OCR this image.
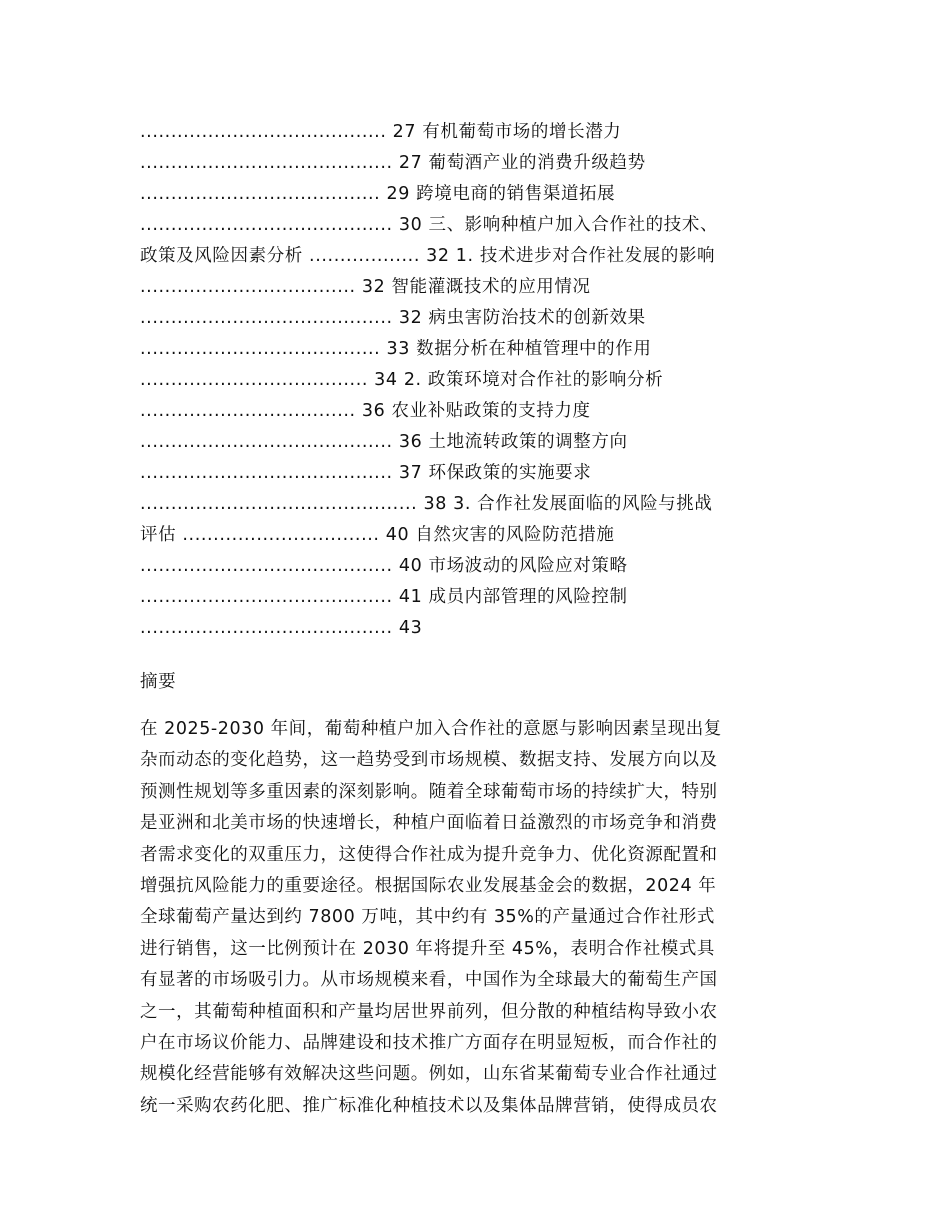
........................................ 27 有机葡萄市场的增长潜力
......................................... 27 葡萄酒产业的消费升级趋势
....................................... 29 跨境电商的销售渠道拓展
......................................... 30 三、影响种植户加入合作社的技术、
政策及风险因素分析 .................. 32 1. 技术进步对合作社发展的影响
................................... 32 智能灌溉技术的应用情况
......................................... 32 病虫害防治技术的创新效果
....................................... 33 数据分析在种植管理中的作用
..................................... 34 2. 政策环境对合作社的影响分析
................................... 36 农业补贴政策的支持力度
......................................... 36 土地流转政策的调整方向
......................................... 37 环保政策的实施要求
............................................. 38 3. 合作社发展面临的风险与挑战
评估 ................................ 40 自然灾害的风险防范措施
......................................... 40 市场波动的风险应对策略
......................................... 41 成员内部管理的风险控制
......................................... 43
摘要
在 2025-2030 年间，葡萄种植户加入合作社的意愿与影响因素呈现出复
杂而动态的变化趋势，这一趋势受到市场规模、数据支持、发展方向以及
预测性规划等多重因素的深刻影响。随着全球葡萄市场的持续扩大，特别
是亚洲和北美市场的快速增长，种植户面临着日益激烈的市场竞争和消费
者需求变化的双重压力，这使得合作社成为提升竞争力、优化资源配置和
增强抗风险能力的重要途径。根据国际农业发展基金会的数据，2024 年
全球葡萄产量达到约 7800 万吨，其中约有 35%的产量通过合作社形式
进行销售，这一比例预计在 2030 年将提升至 45%，表明合作社模式具
有显著的市场吸引力。从市场规模来看，中国作为全球最大的葡萄生产国
之一，其葡萄种植面积和产量均居世界前列，但分散的种植结构导致小农
户在市场议价能力、品牌建设和技术推广方面存在明显短板，而合作社的
规模化经营能够有效解决这些问题。例如，山东省某葡萄专业合作社通过
统一采购农药化肥、推广标准化种植技术以及集体品牌营销，使得成员农
